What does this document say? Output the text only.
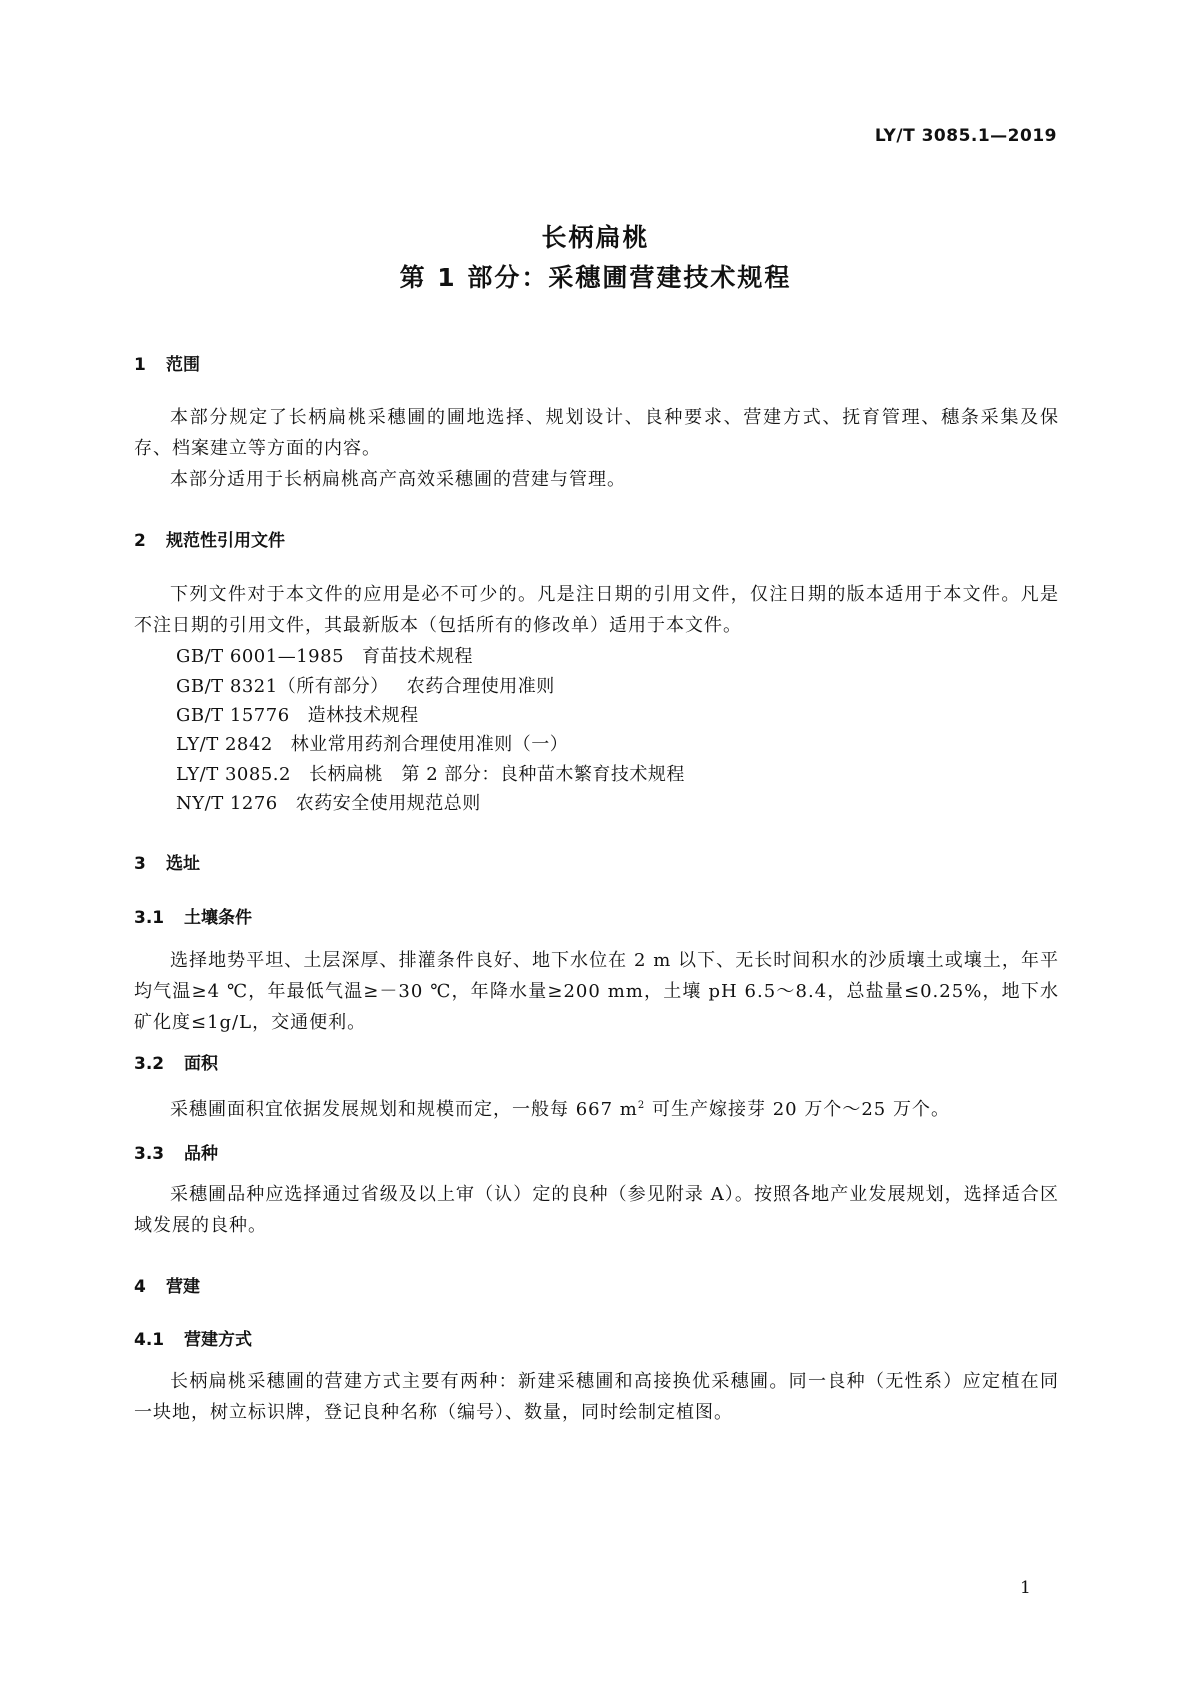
LY/T 3085.1—2019
长柄扁桃
第 1 部分：采穗圃营建技术规程
1 范围

本部分规定了长柄扁桃采穗圃的圃地选择、规划设计、良种要求、营建方式、抚育管理、穗条采集及保存、档案建立等方面的内容。

本部分适用于长柄扁桃高产高效采穗圃的营建与管理。

2 规范性引用文件

下列文件对于本文件的应用是必不可少的。凡是注日期的引用文件，仅注日期的版本适用于本文件。凡是不注日期的引用文件，其最新版本（包括所有的修改单）适用于本文件。

GB/T 6001—1985 育苗技术规程
GB/T 8321（所有部分） 农药合理使用准则
GB/T 15776 造林技术规程
LY/T 2842 林业常用药剂合理使用准则（一）
LY/T 3085.2 长柄扁桃　第 2 部分：良种苗木繁育技术规程
NY/T 1276 农药安全使用规范总则
3 选址
3.1 土壤条件

选择地势平坦、土层深厚、排灌条件良好、地下水位在 2 m 以下、无长时间积水的沙质壤土或壤土，年平均气温≥4 ℃，年最低气温≥－30 ℃，年降水量≥200 mm，土壤 pH 6.5～8.4，总盐量≤0.25%，地下水矿化度≤1g/L，交通便利。

3.2 面积

采穗圃面积宜依据发展规划和规模而定，一般每 667 $m^2$ 可生产嫁接芽 20 万个～25 万个。

3.3 品种

采穗圃品种应选择通过省级及以上审（认）定的良种（参见附录 A）。按照各地产业发展规划，选择适合区域发展的良种。

4 营建
4.1 营建方式

长柄扁桃采穗圃的营建方式主要有两种：新建采穗圃和高接换优采穗圃。同一良种（无性系）应定植在同一块地，树立标识牌，登记良种名称（编号）、数量，同时绘制定植图。

1
